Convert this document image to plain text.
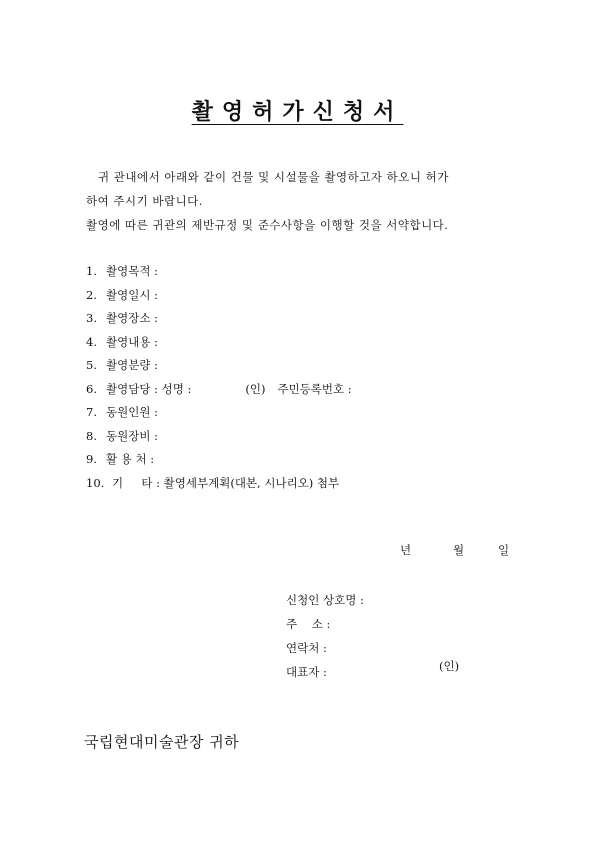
촬영허가신청서

귀 관내에서 아래와 같이 건물 및 시설물을 촬영하고자 하오니 허가

하여 주시기 바랍니다.

촬영에 따른 귀관의 제반규정 및 준수사항을 이행할 것을 서약합니다.

1. 촬영목적 :
2. 촬영일시 :
3. 촬영장소 :
4. 촬영내용 :
5. 촬영분량 :
6. 촬영담당 : 성명 :	(인) 주민등록번호 :
7. 동원인원 :
8. 동원장비 :
9. 활 용 처 :
10. 기     타 : 촬영세부계획(대본, 시나리오) 첨부
년	월	일
신청인 상호명 :
주    소 :
연락처 :
대표자 :	(인)
국립현대미술관장 귀하
